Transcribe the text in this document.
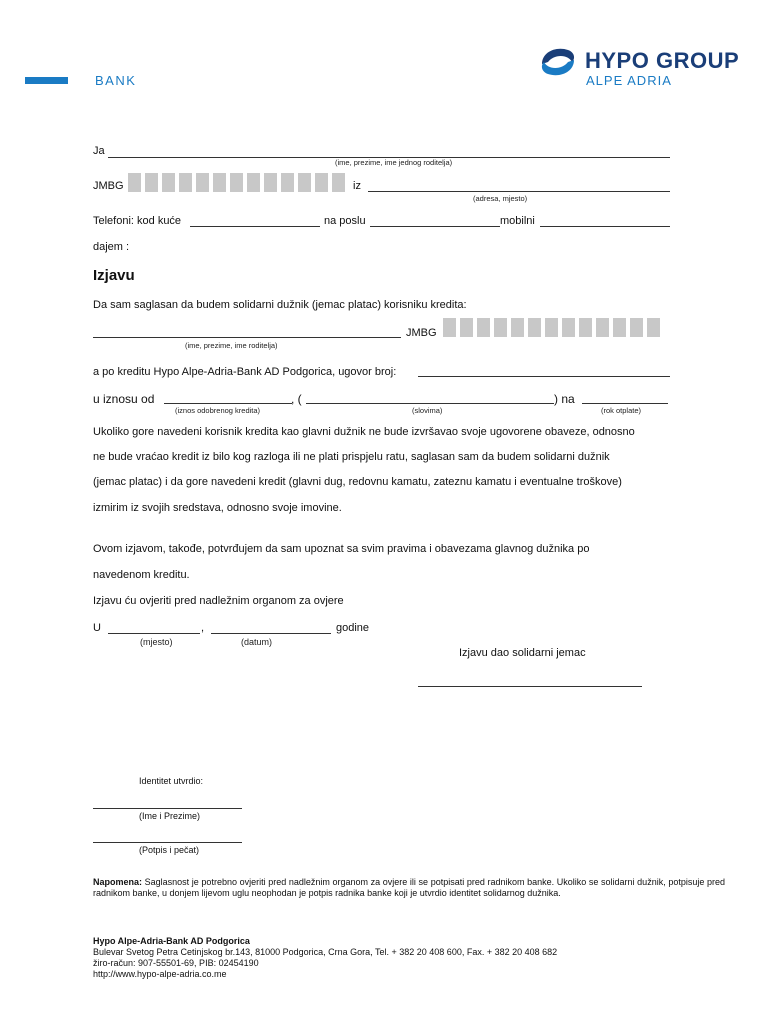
BANK
HYPO GROUP
ALPE ADRIA
Ja
(ime, prezime, ime jednog roditelja)
JMBG	iz
(adresa, mjesto)
Telefoni: kod kuće	na poslu	mobilni
dajem :
Izjavu
Da sam saglasan da budem solidarni dužnik (jemac platac) korisniku kredita:
JMBG
(ime, prezime, ime roditelja)
a po kreditu Hypo Alpe-Adria-Bank AD Podgorica, ugovor broj:
u iznosu od	, (	) na
(iznos odobrenog kredita)	(slovima)	(rok otplate)
Ukoliko gore navedeni korisnik kredita kao glavni dužnik ne bude izvršavao svoje ugovorene obaveze, odnosno
ne bude vraćao kredit iz bilo kog razloga ili ne plati prispjelu ratu, saglasan sam da budem solidarni dužnik
(jemac platac) i da gore navedeni kredit (glavni dug, redovnu kamatu, zateznu kamatu i eventualne troškove)
izmirim iz svojih sredstava, odnosno svoje imovine.
Ovom izjavom, takođe, potvrđujem da sam upoznat sa svim pravima i obavezama glavnog dužnika po
navedenom kreditu.
Izjavu ću ovjeriti pred nadležnim organom za ovjere
U	,	godine
(mjesto)	(datum)
Izjavu dao solidarni jemac
Identitet utvrdio:
(Ime i Prezime)
(Potpis i pečat)
Napomena: Saglasnost je potrebno ovjeriti pred nadležnim organom za ovjere ili se potpisati pred radnikom banke. Ukoliko se solidarni dužnik, potpisuje pred radnikom banke, u donjem lijevom uglu neophodan je potpis radnika banke koji je utvrdio identitet solidarnog dužnika.
Hypo Alpe-Adria-Bank AD Podgorica
Bulevar Svetog Petra Cetinjskog br.143, 81000 Podgorica, Crna Gora, Tel. + 382 20 408 600, Fax. + 382 20 408 682
žiro-račun: 907-55501-69, PIB: 02454190
http://www.hypo-alpe-adria.co.me
